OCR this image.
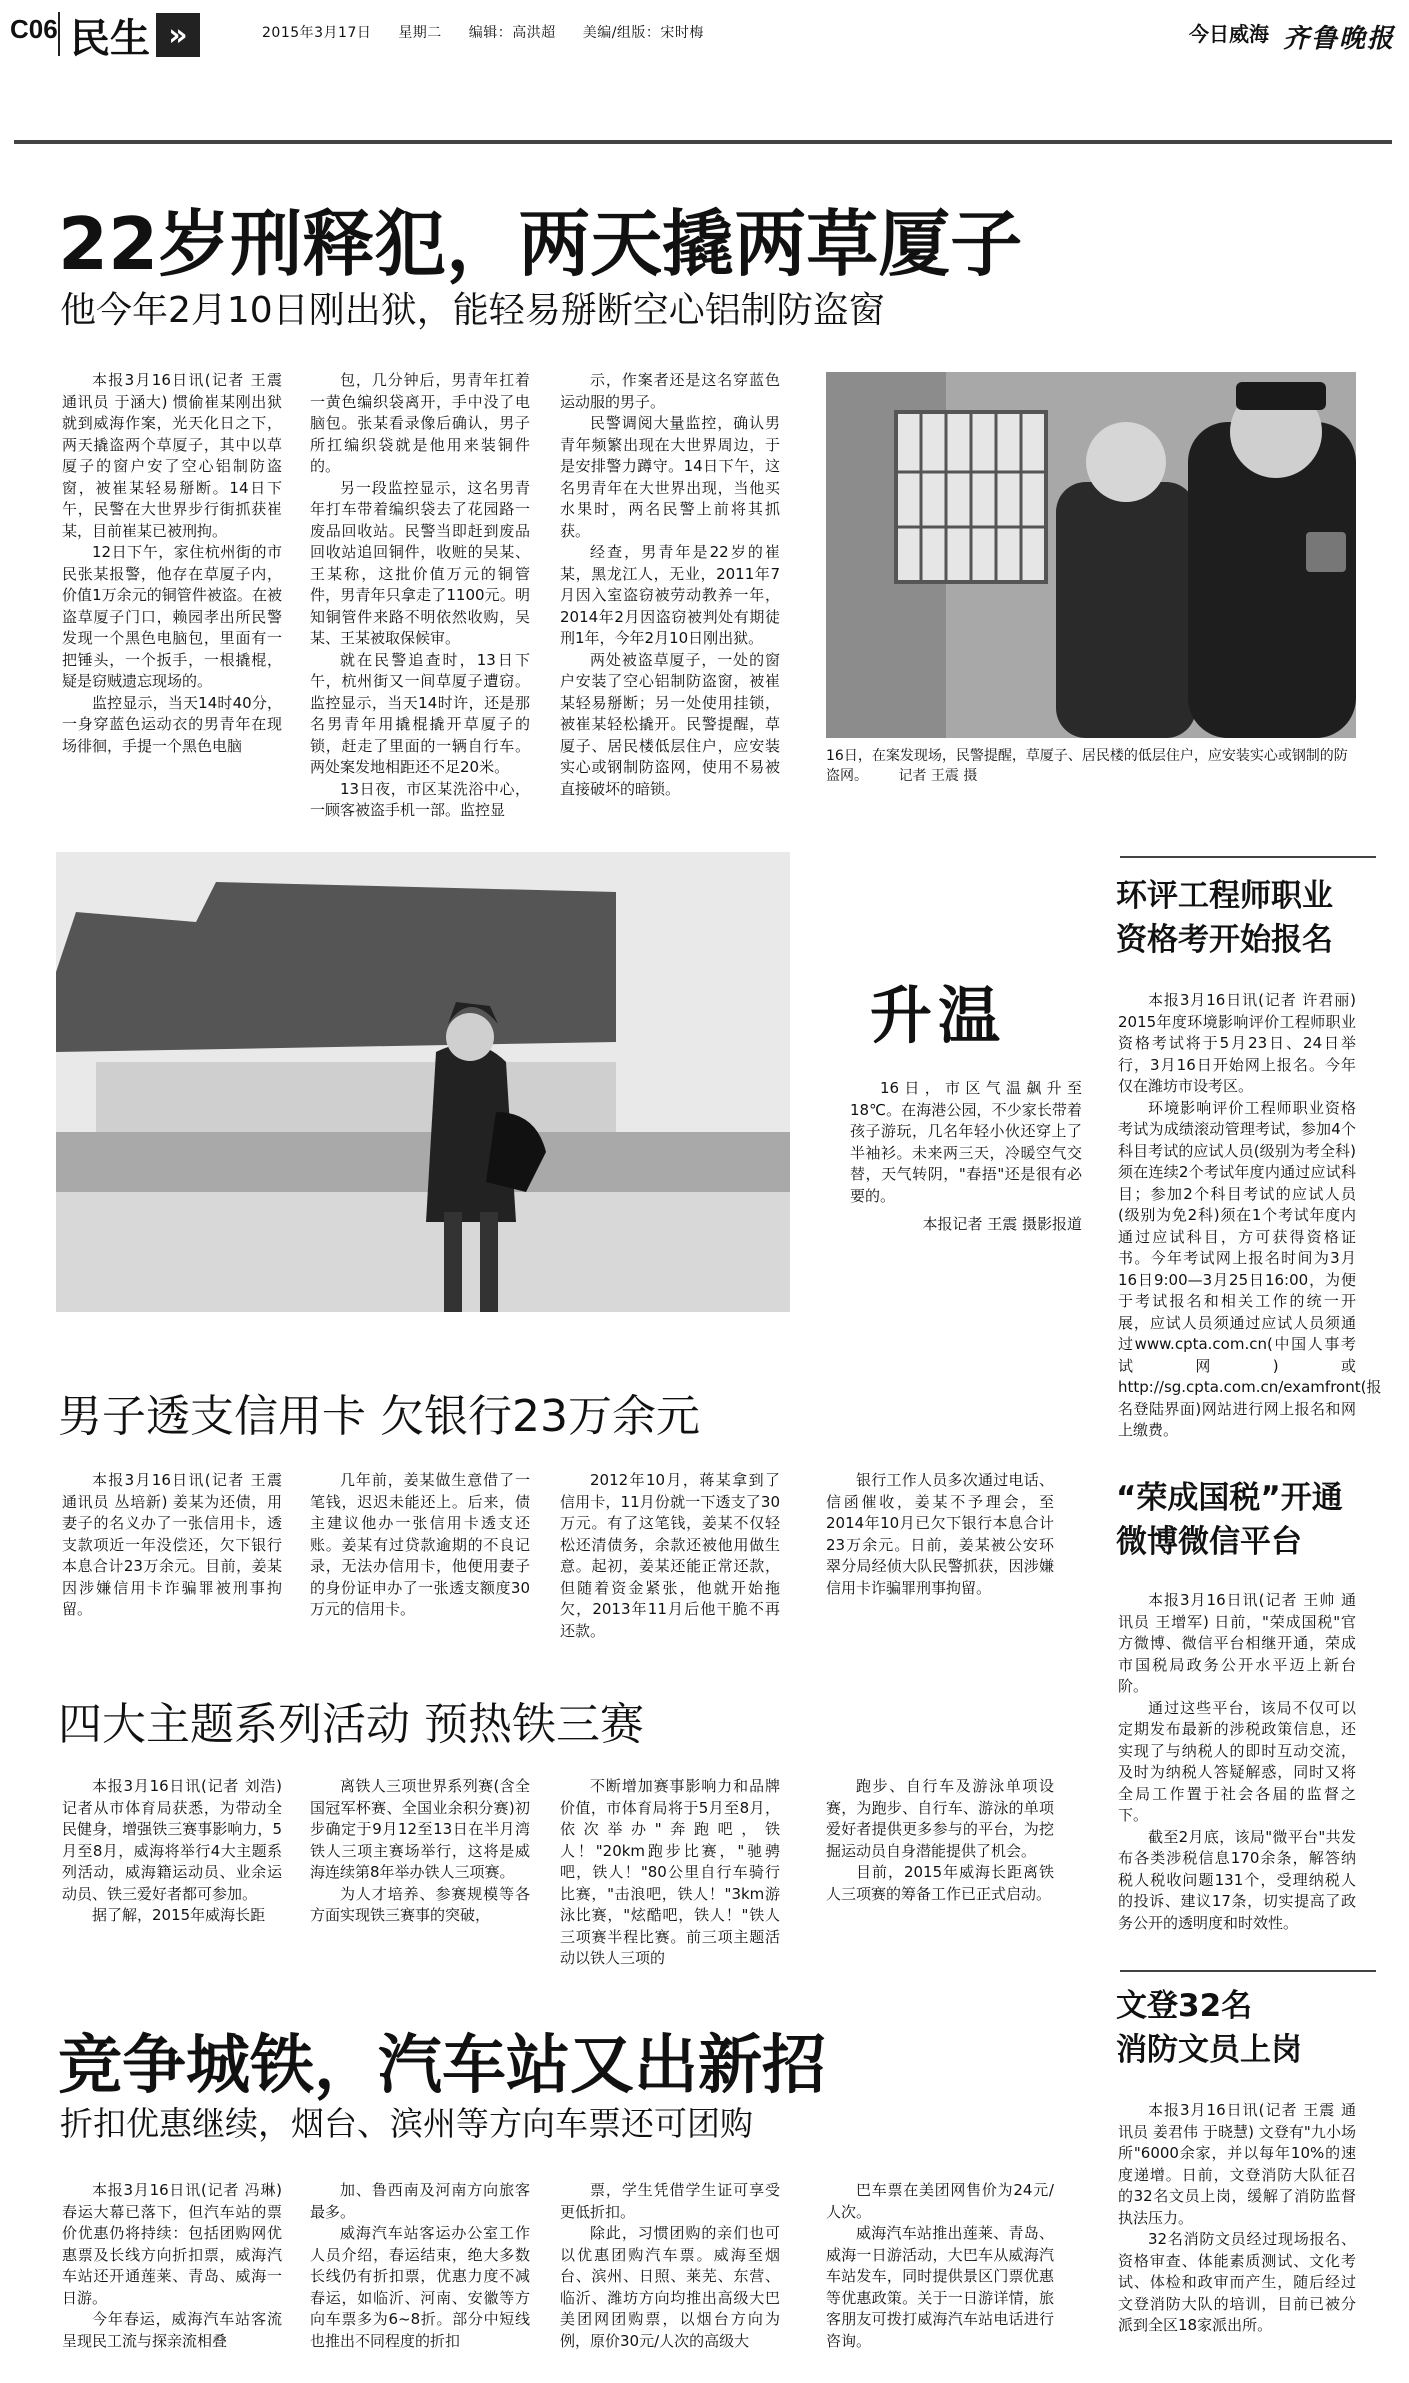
C06 民生 »	2015年3月17日 星期二 编辑：高洪超 美编/组版：宋时梅	今日威海 齐鲁晚报
22岁刑释犯，两天撬两草厦子
他今年2月10日刚出狱，能轻易掰断空心铝制防盗窗

本报3月16日讯(记者 王震 通讯员 于涵大) 惯偷崔某刚出狱就到威海作案，光天化日之下，两天撬盗两个草厦子，其中以草厦子的窗户安了空心铝制防盗窗，被崔某轻易掰断。14日下午，民警在大世界步行街抓获崔某，目前崔某已被刑拘。

12日下午，家住杭州街的市民张某报警，他存在草厦子内，价值1万余元的铜管件被盗。在被盗草厦子门口，赖园孝出所民警发现一个黑色电脑包，里面有一把锤头，一个扳手，一根撬棍，疑是窃贼遗忘现场的。

监控显示，当天14时40分，一身穿蓝色运动衣的男青年在现场徘徊，手提一个黑色电脑

包，几分钟后，男青年扛着一黄色编织袋离开，手中没了电脑包。张某看录像后确认，男子所扛编织袋就是他用来装铜件的。

另一段监控显示，这名男青年打车带着编织袋去了花园路一废品回收站。民警当即赶到废品回收站追回铜件，收赃的吴某、王某称，这批价值万元的铜管件，男青年只拿走了1100元。明知铜管件来路不明依然收购，吴某、王某被取保候审。

就在民警追查时，13日下午，杭州街又一间草厦子遭窃。监控显示，当天14时许，还是那名男青年用撬棍撬开草厦子的锁，赶走了里面的一辆自行车。两处案发地相距还不足20米。

13日夜，市区某洗浴中心，一顾客被盗手机一部。监控显

示，作案者还是这名穿蓝色运动服的男子。

民警调阅大量监控，确认男青年频繁出现在大世界周边，于是安排警力蹲守。14日下午，这名男青年在大世界出现，当他买水果时，两名民警上前将其抓获。

经查，男青年是22岁的崔某，黑龙江人，无业，2011年7月因入室盗窃被劳动教养一年，2014年2月因盗窃被判处有期徒刑1年，今年2月10日刚出狱。

两处被盗草厦子，一处的窗户安装了空心铝制防盗窗，被崔某轻易掰断；另一处使用挂锁，被崔某轻松撬开。民警提醒，草厦子、居民楼低层住户，应安装实心或钢制防盗网，使用不易被直接破坏的暗锁。

16日，在案发现场，民警提醒，草厦子、居民楼的低层住户，应安装实心或钢制的防盗网。 记者 王震 摄
升温

16日，市区气温飙升至18℃。在海港公园，不少家长带着孩子游玩，几名年轻小伙还穿上了半袖衫。未来两三天，冷暖空气交替，天气转阴，"春捂"还是很有必要的。

本报记者 王震 摄影报道
环评工程师职业
资格考开始报名

本报3月16日讯(记者 许君丽) 2015年度环境影响评价工程师职业资格考试将于5月23日、24日举行，3月16日开始网上报名。今年仅在潍坊市设考区。

环境影响评价工程师职业资格考试为成绩滚动管理考试，参加4个科目考试的应试人员(级别为考全科)须在连续2个考试年度内通过应试科目；参加2个科目考试的应试人员(级别为免2科)须在1个考试年度内通过应试科目，方可获得资格证书。今年考试网上报名时间为3月16日9:00—3月25日16:00，为便于考试报名和相关工作的统一开展，应试人员须通过应试人员须通过www.cpta.com.cn(中国人事考试网)或http://sg.cpta.com.cn/examfront(报名登陆界面)网站进行网上报名和网上缴费。

男子透支信用卡 欠银行23万余元

本报3月16日讯(记者 王震 通讯员 丛培新) 姜某为还债，用妻子的名义办了一张信用卡，透支款项近一年没偿还，欠下银行本息合计23万余元。目前，姜某因涉嫌信用卡诈骗罪被刑事拘留。

几年前，姜某做生意借了一笔钱，迟迟未能还上。后来，债主建议他办一张信用卡透支还账。姜某有过贷款逾期的不良记录，无法办信用卡，他便用妻子的身份证申办了一张透支额度30万元的信用卡。

2012年10月，蒋某拿到了信用卡，11月份就一下透支了30万元。有了这笔钱，姜某不仅轻松还清债务，余款还被他用做生意。起初，姜某还能正常还款，但随着资金紧张，他就开始拖欠，2013年11月后他干脆不再还款。

银行工作人员多次通过电话、信函催收，姜某不予理会，至2014年10月已欠下银行本息合计23万余元。日前，姜某被公安环翠分局经侦大队民警抓获，因涉嫌信用卡诈骗罪刑事拘留。

“荣成国税”开通
微博微信平台

本报3月16日讯(记者 王帅 通讯员 王增军) 日前，"荣成国税"官方微博、微信平台相继开通，荣成市国税局政务公开水平迈上新台阶。

通过这些平台，该局不仅可以定期发布最新的涉税政策信息，还实现了与纳税人的即时互动交流，及时为纳税人答疑解惑，同时又将全局工作置于社会各届的监督之下。

截至2月底，该局"微平台"共发布各类涉税信息170余条，解答纳税人税收问题131个，受理纳税人的投诉、建议17条，切实提高了政务公开的透明度和时效性。

四大主题系列活动 预热铁三赛

本报3月16日讯(记者 刘浩) 记者从市体育局获悉，为带动全民健身，增强铁三赛事影响力，5月至8月，威海将举行4大主题系列活动，威海籍运动员、业余运动员、铁三爱好者都可参加。

据了解，2015年威海长距

离铁人三项世界系列赛(含全国冠军杯赛、全国业余积分赛)初步确定于9月12至13日在半月湾铁人三项主赛场举行，这将是威海连续第8年举办铁人三项赛。

为人才培养、参赛规模等各方面实现铁三赛事的突破，

不断增加赛事影响力和品牌价值，市体育局将于5月至8月，依次举办"奔跑吧，铁人！"20km跑步比赛，"驰骋吧，铁人！"80公里自行车骑行比赛，"击浪吧，铁人！"3km游泳比赛，"炫酷吧，铁人！"铁人三项赛半程比赛。前三项主题活动以铁人三项的

跑步、自行车及游泳单项设赛，为跑步、自行车、游泳的单项爱好者提供更多参与的平台，为挖掘运动员自身潜能提供了机会。

目前，2015年威海长距离铁人三项赛的筹备工作已正式启动。

文登32名
消防文员上岗

本报3月16日讯(记者 王震 通讯员 姜君伟 于晓慧) 文登有"九小场所"6000余家，并以每年10%的速度递增。日前，文登消防大队征召的32名文员上岗，缓解了消防监督执法压力。

32名消防文员经过现场报名、资格审查、体能素质测试、文化考试、体检和政审而产生，随后经过文登消防大队的培训，目前已被分派到全区18家派出所。

竞争城铁，汽车站又出新招
折扣优惠继续，烟台、滨州等方向车票还可团购

本报3月16日讯(记者 冯琳) 春运大幕已落下，但汽车站的票价优惠仍将持续：包括团购网优惠票及长线方向折扣票，威海汽车站还开通莲莱、青岛、威海一日游。

今年春运，威海汽车站客流呈现民工流与探亲流相叠

加、鲁西南及河南方向旅客最多。

威海汽车站客运办公室工作人员介绍，春运结束，绝大多数长线仍有折扣票，优惠力度不减春运，如临沂、河南、安徽等方向车票多为6~8折。部分中短线也推出不同程度的折扣

票，学生凭借学生证可享受更低折扣。

除此，习惯团购的亲们也可以优惠团购汽车票。威海至烟台、滨州、日照、莱芜、东营、临沂、潍坊方向均推出高级大巴美团网团购票，以烟台方向为例，原价30元/人次的高级大

巴车票在美团网售价为24元/人次。

威海汽车站推出莲莱、青岛、威海一日游活动，大巴车从威海汽车站发车，同时提供景区门票优惠等优惠政策。关于一日游详情，旅客朋友可拨打威海汽车站电话进行咨询。
